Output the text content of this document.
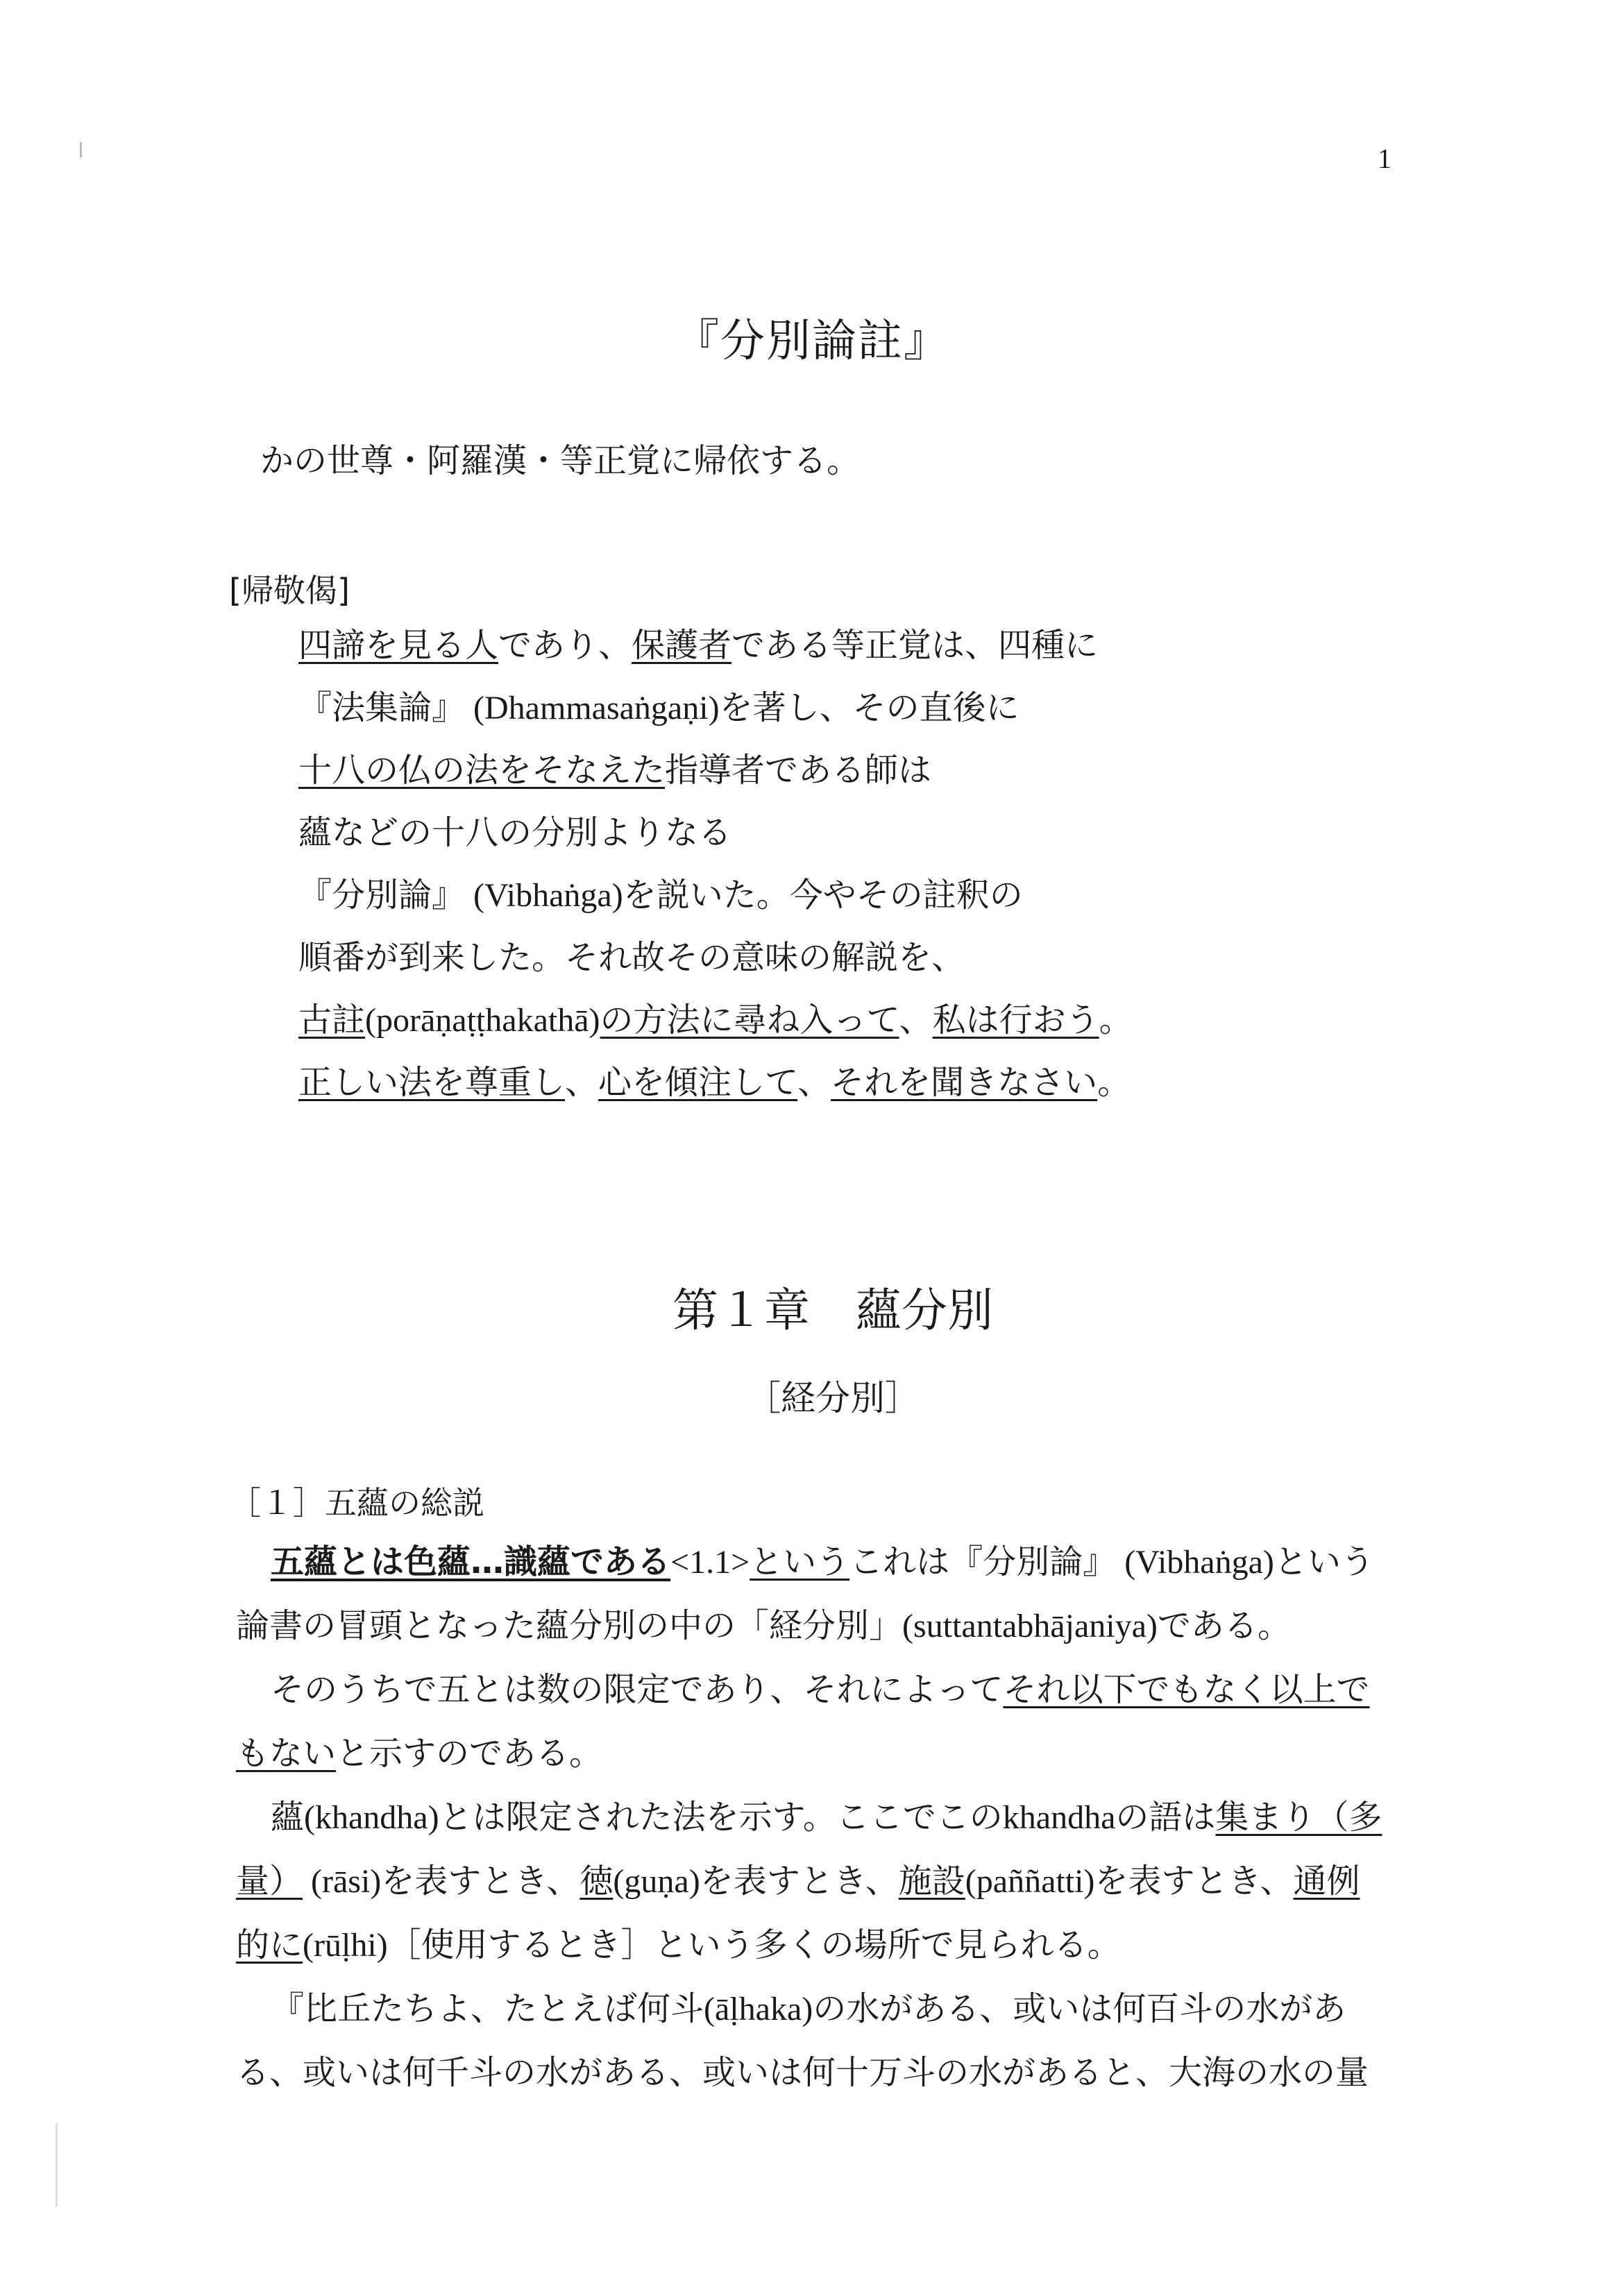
1
『分別論註』
かの世尊・阿羅漢・等正覚に帰依する。
[帰敬偈]
四諦を見る人であり、保護者である等正覚は、四種に
『法集論』 (Dhammasaṅgaṇi)を著し、その直後に
十八の仏の法をそなえた指導者である師は
蘊などの十八の分別よりなる
『分別論』 (Vibhaṅga)を説いた。今やその註釈の
順番が到来した。それ故その意味の解説を、
古註(porāṇaṭṭhakathā)の方法に尋ね入って、私は行おう。
正しい法を尊重し、心を傾注して、それを聞きなさい。
第１章　蘊分別
［経分別］
［１］五蘊の総説
五蘊とは色蘊…識蘊である<1.1>というこれは『分別論』 (Vibhaṅga)という
論書の冒頭となった蘊分別の中の「経分別」(suttantabhājaniya)である。
そのうちで五とは数の限定であり、それによってそれ以下でもなく以上で
もないと示すのである。
蘊(khandha)とは限定された法を示す。ここでこのkhandhaの語は集まり（多
量） (rāsi)を表すとき、徳(guṇa)を表すとき、施設(paññatti)を表すとき、通例
的に(rūḷhi)［使用するとき］という多くの場所で見られる。
『比丘たちよ、たとえば何斗(āḷhaka)の水がある、或いは何百斗の水があ
る、或いは何千斗の水がある、或いは何十万斗の水があると、大海の水の量
